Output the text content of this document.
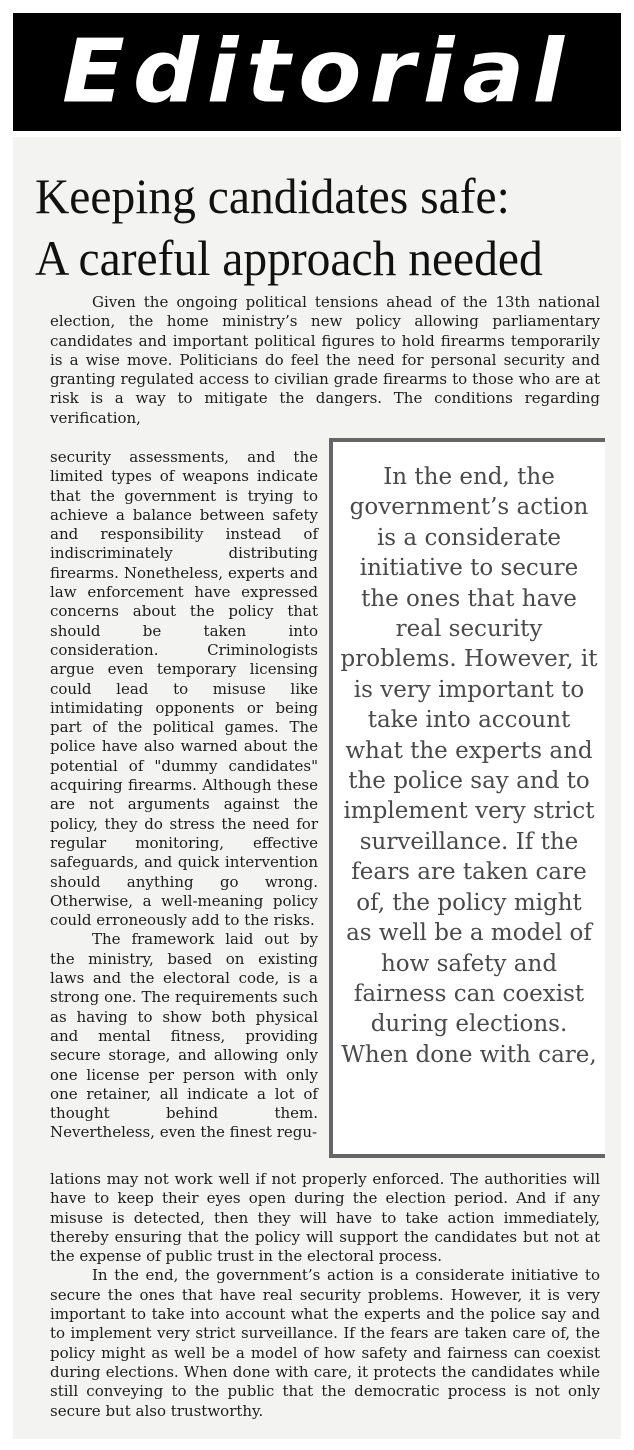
Editorial
Keeping candidates safe:
A careful approach needed

Given the ongoing political tensions ahead of the 13th national election, the home ministry’s new policy allowing parliamentary candidates and important political figures to hold firearms temporarily is a wise move. Politicians do feel the need for personal security and granting regulated access to civilian grade firearms to those who are at risk is a way to mitigate the dangers. The conditions regarding verification,

security assessments, and the limited types of weapons indicate that the government is trying to achieve a balance between safety and responsibility instead of indiscriminately distributing firearms. Nonetheless, experts and law enforcement have expressed concerns about the policy that should be taken into consideration. Criminologists argue even temporary licensing could lead to misuse like intimidating opponents or being part of the political games. The police have also warned about the potential of "dummy candidates" acquiring firearms. Although these are not arguments against the policy, they do stress the need for regular monitoring, effective safeguards, and quick intervention should anything go wrong. Otherwise, a well-meaning policy could erroneously add to the risks.

The framework laid out by the ministry, based on existing laws and the electoral code, is a strong one. The requirements such as having to show both physical and mental fitness, providing secure storage, and allowing only one license per person with only one retainer, all indicate a lot of thought behind them. Nevertheless, even the finest regu-

In the end, the government’s action is a considerate initiative to secure the ones that have real security problems. However, it is very important to take into account what the experts and the police say and to implement very strict surveillance. If the fears are taken care of, the policy might as well be a model of how safety and fairness can coexist during elections. When done with care,

lations may not work well if not properly enforced. The authorities will have to keep their eyes open during the election period. And if any misuse is detected, then they will have to take action immediately, thereby ensuring that the policy will support the candidates but not at the expense of public trust in the electoral process.

In the end, the government’s action is a considerate initiative to secure the ones that have real security problems. However, it is very important to take into account what the experts and the police say and to implement very strict surveillance. If the fears are taken care of, the policy might as well be a model of how safety and fairness can coexist during elections. When done with care, it protects the candidates while still conveying to the public that the democratic process is not only secure but also trustworthy.
